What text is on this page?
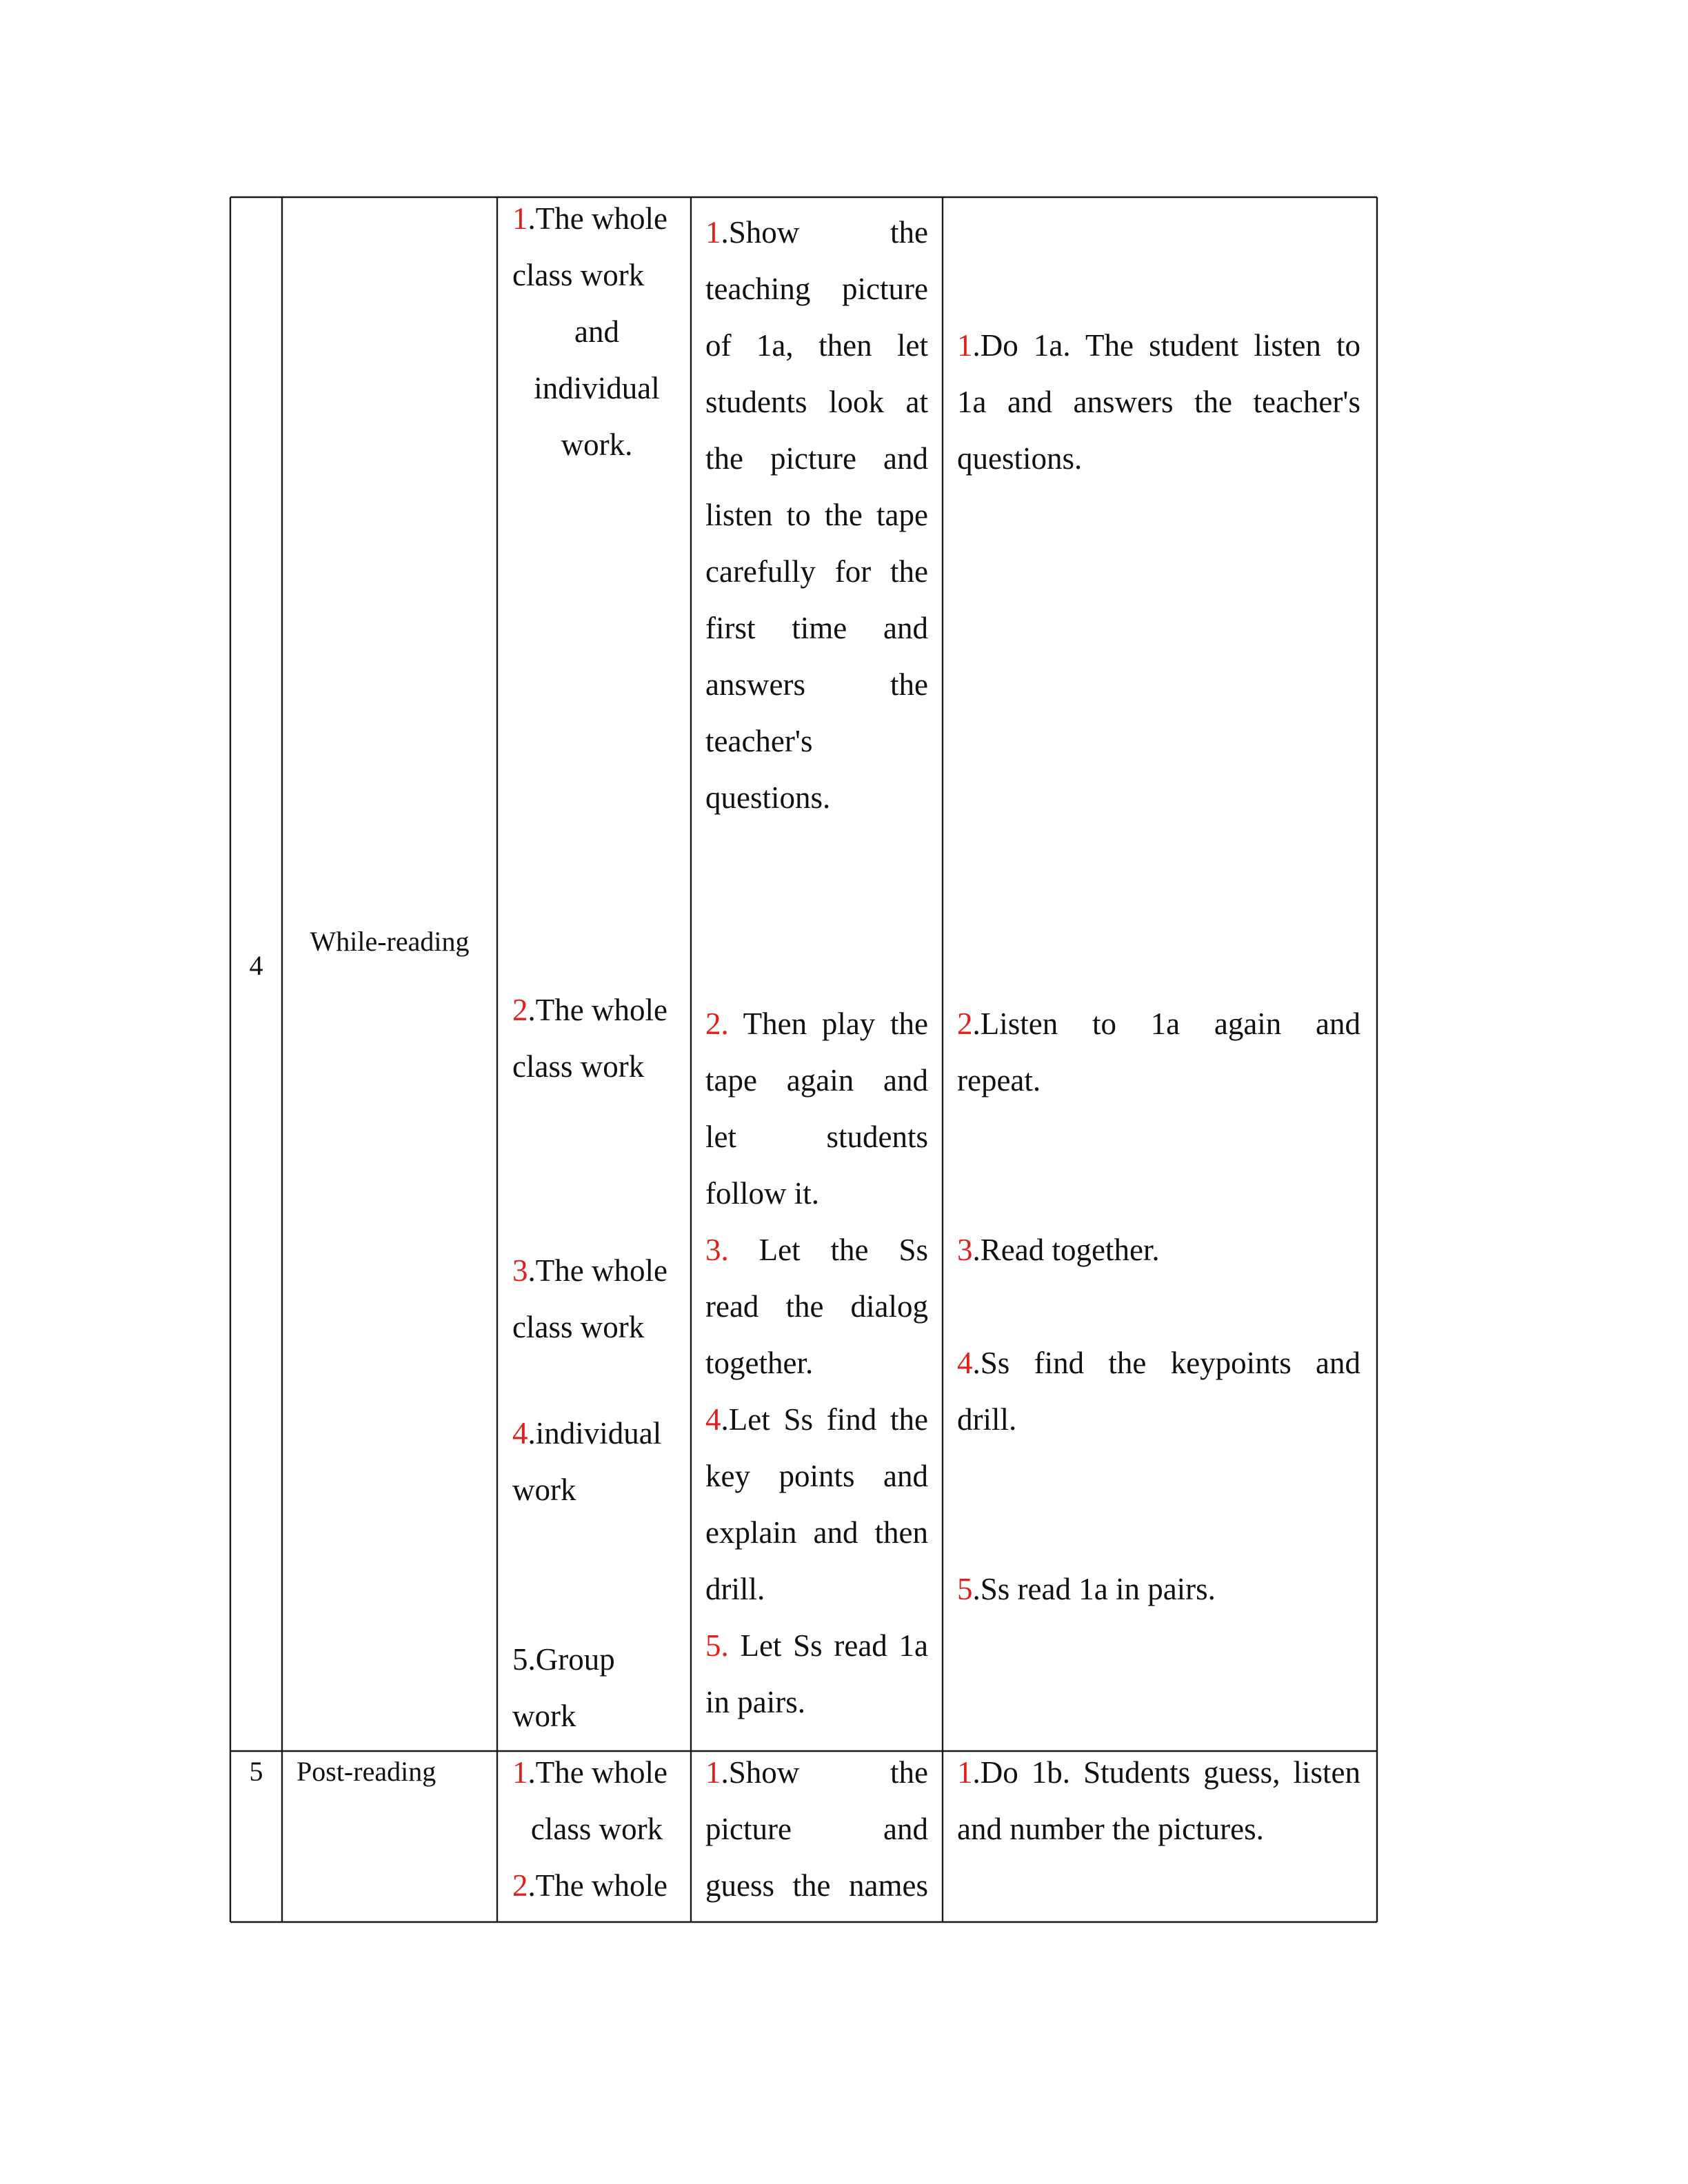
4
While-reading
1.The whole
class work
and
individual
work.
2.The whole
class work
3.The whole
class work
4.individual
work
5.Group
work
1.Show the
teaching picture
of 1a, then let
students look at
the picture and
listen to the tape
carefully for the
first time and
answers the
teacher's
questions.
2. Then play the
tape again and
let students
follow it.
3. Let the Ss
read the dialog
together.
4.Let Ss find the
key points and
explain and then
drill.
5. Let Ss read 1a
in pairs.
1.Do 1a. The student listen to
1a and answers the teacher's
questions.
2.Listen to 1a again and
repeat.
3.Read together.
4.Ss find the keypoints and
drill.
5.Ss read 1a in pairs.
5	Post-reading	1.The whole
class work
2.The whole
1.Show the
picture and
guess the names
1.Do 1b. Students guess, listen
and number the pictures.
